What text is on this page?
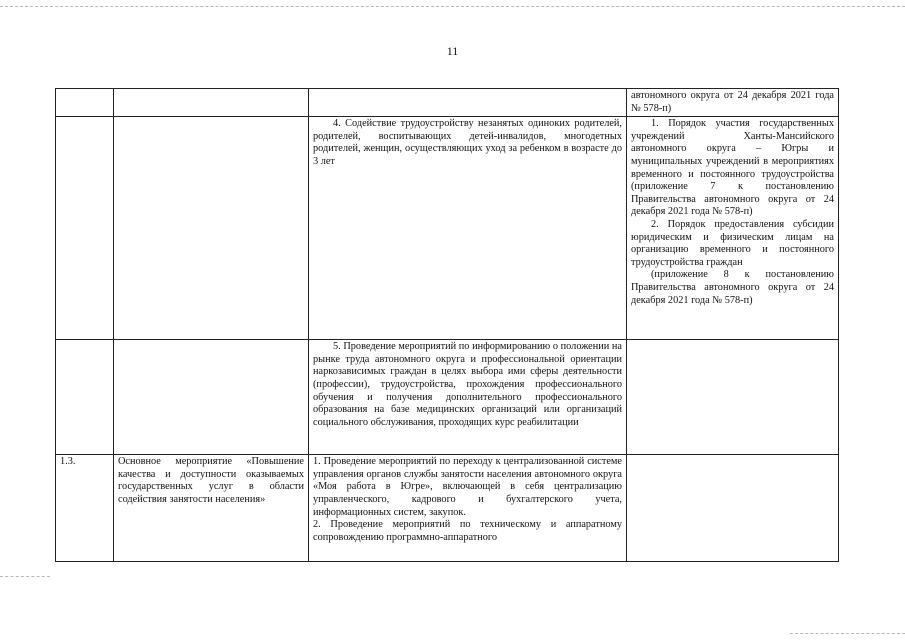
11

			автономного округа от 24 декабря 2021 года № 578-п)

		4. Содействие трудоустройству незанятых одиноких родителей, родителей, воспитывающих детей-инвалидов, многодетных родителей, женщин, осуществляющих уход за ребенком в возрасте до 3 лет	1. Порядок участия государственных учреждений Ханты-Мансийского автономного округа – Югры и муниципальных учреждений в мероприятиях временного и постоянного трудоустройства (приложение 7 к постановлению Правительства автономного округа от 24 декабря 2021 года № 578-п)

2. Порядок предоставления субсидии юридическим и физическим лицам на организацию временного и постоянного трудоустройства граждан

(приложение 8 к постановлению Правительства автономного округа от 24 декабря 2021 года № 578-п)

		5. Проведение мероприятий по информированию о положении на рынке труда автономного округа и профессиональной ориентации наркозависимых граждан в целях выбора ими сферы деятельности (профессии), трудоустройства, прохождения профессионального обучения и получения дополнительного профессионального образования на базе медицинских организаций или организаций социального обслуживания, проходящих курс реабилитации	

1.3.	Основное мероприятие «Повышение качества и доступности оказываемых государственных услуг в области содействия занятости населения»	1. Проведение мероприятий по переходу к централизованной системе управления органов службы занятости населения автономного округа «Моя работа в Югре», включающей в себя централизацию управленческого, кадрового и бухгалтерского учета, информационных систем, закупок.

2. Проведение мероприятий по техническому и аппаратному сопровождению программно-аппаратного	
